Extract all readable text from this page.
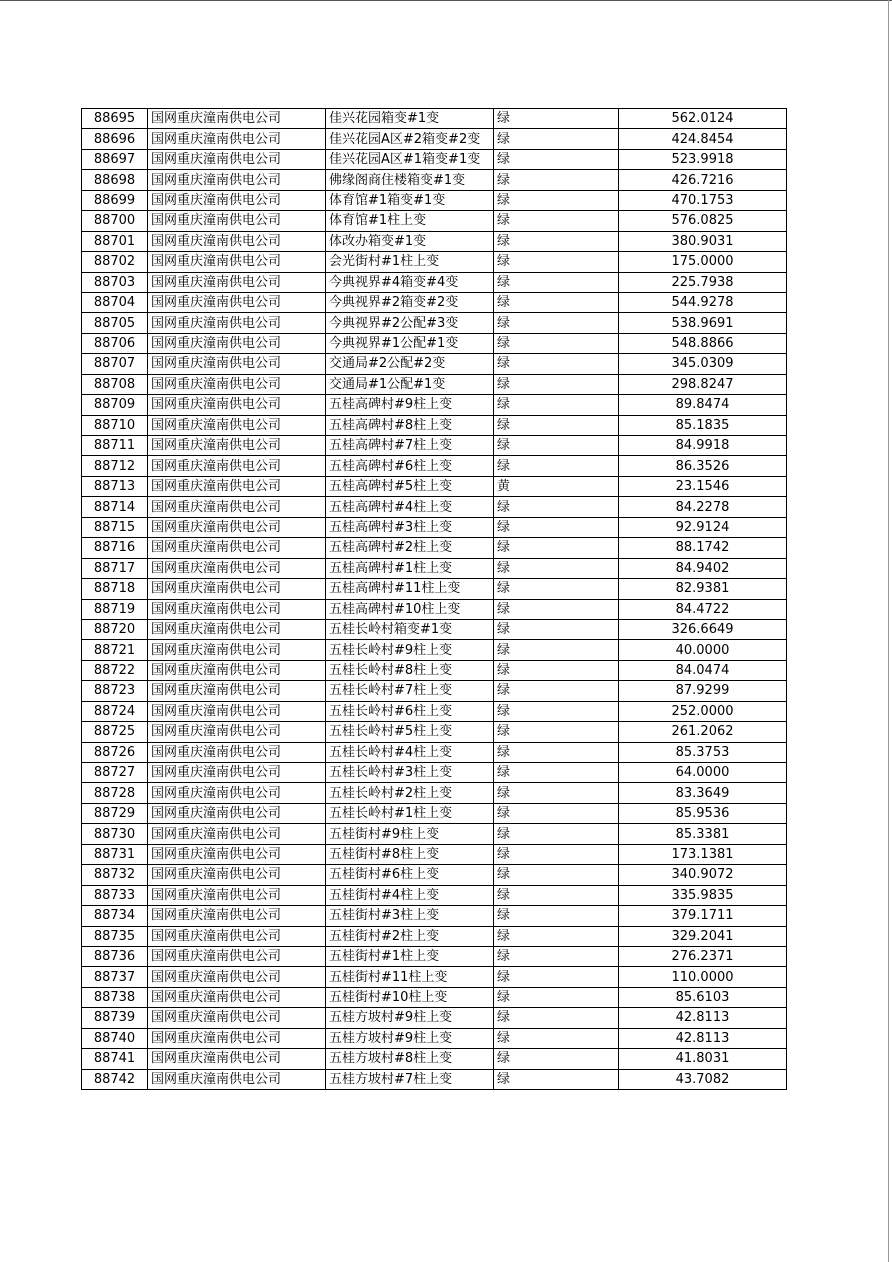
88695	国网重庆潼南供电公司	佳兴花园箱变#1变	绿	562.0124
88696	国网重庆潼南供电公司	佳兴花园A区#2箱变#2变	绿	424.8454
88697	国网重庆潼南供电公司	佳兴花园A区#1箱变#1变	绿	523.9918
88698	国网重庆潼南供电公司	佛缘阁商住楼箱变#1变	绿	426.7216
88699	国网重庆潼南供电公司	体育馆#1箱变#1变	绿	470.1753
88700	国网重庆潼南供电公司	体育馆#1柱上变	绿	576.0825
88701	国网重庆潼南供电公司	体改办箱变#1变	绿	380.9031
88702	国网重庆潼南供电公司	会光街村#1柱上变	绿	175.0000
88703	国网重庆潼南供电公司	今典视界#4箱变#4变	绿	225.7938
88704	国网重庆潼南供电公司	今典视界#2箱变#2变	绿	544.9278
88705	国网重庆潼南供电公司	今典视界#2公配#3变	绿	538.9691
88706	国网重庆潼南供电公司	今典视界#1公配#1变	绿	548.8866
88707	国网重庆潼南供电公司	交通局#2公配#2变	绿	345.0309
88708	国网重庆潼南供电公司	交通局#1公配#1变	绿	298.8247
88709	国网重庆潼南供电公司	五桂高碑村#9柱上变	绿	89.8474
88710	国网重庆潼南供电公司	五桂高碑村#8柱上变	绿	85.1835
88711	国网重庆潼南供电公司	五桂高碑村#7柱上变	绿	84.9918
88712	国网重庆潼南供电公司	五桂高碑村#6柱上变	绿	86.3526
88713	国网重庆潼南供电公司	五桂高碑村#5柱上变	黄	23.1546
88714	国网重庆潼南供电公司	五桂高碑村#4柱上变	绿	84.2278
88715	国网重庆潼南供电公司	五桂高碑村#3柱上变	绿	92.9124
88716	国网重庆潼南供电公司	五桂高碑村#2柱上变	绿	88.1742
88717	国网重庆潼南供电公司	五桂高碑村#1柱上变	绿	84.9402
88718	国网重庆潼南供电公司	五桂高碑村#11柱上变	绿	82.9381
88719	国网重庆潼南供电公司	五桂高碑村#10柱上变	绿	84.4722
88720	国网重庆潼南供电公司	五桂长岭村箱变#1变	绿	326.6649
88721	国网重庆潼南供电公司	五桂长岭村#9柱上变	绿	40.0000
88722	国网重庆潼南供电公司	五桂长岭村#8柱上变	绿	84.0474
88723	国网重庆潼南供电公司	五桂长岭村#7柱上变	绿	87.9299
88724	国网重庆潼南供电公司	五桂长岭村#6柱上变	绿	252.0000
88725	国网重庆潼南供电公司	五桂长岭村#5柱上变	绿	261.2062
88726	国网重庆潼南供电公司	五桂长岭村#4柱上变	绿	85.3753
88727	国网重庆潼南供电公司	五桂长岭村#3柱上变	绿	64.0000
88728	国网重庆潼南供电公司	五桂长岭村#2柱上变	绿	83.3649
88729	国网重庆潼南供电公司	五桂长岭村#1柱上变	绿	85.9536
88730	国网重庆潼南供电公司	五桂街村#9柱上变	绿	85.3381
88731	国网重庆潼南供电公司	五桂街村#8柱上变	绿	173.1381
88732	国网重庆潼南供电公司	五桂街村#6柱上变	绿	340.9072
88733	国网重庆潼南供电公司	五桂街村#4柱上变	绿	335.9835
88734	国网重庆潼南供电公司	五桂街村#3柱上变	绿	379.1711
88735	国网重庆潼南供电公司	五桂街村#2柱上变	绿	329.2041
88736	国网重庆潼南供电公司	五桂街村#1柱上变	绿	276.2371
88737	国网重庆潼南供电公司	五桂街村#11柱上变	绿	110.0000
88738	国网重庆潼南供电公司	五桂街村#10柱上变	绿	85.6103
88739	国网重庆潼南供电公司	五桂方坡村#9柱上变	绿	42.8113
88740	国网重庆潼南供电公司	五桂方坡村#9柱上变	绿	42.8113
88741	国网重庆潼南供电公司	五桂方坡村#8柱上变	绿	41.8031
88742	国网重庆潼南供电公司	五桂方坡村#7柱上变	绿	43.7082
